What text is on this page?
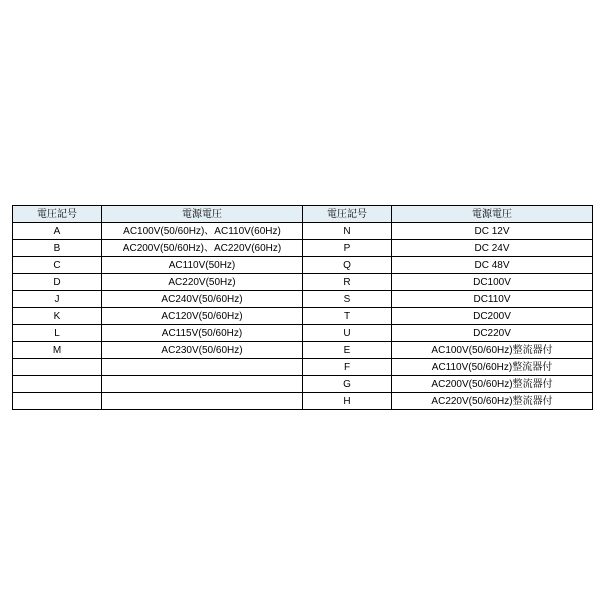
電圧記号	電源電圧	電圧記号	電源電圧
A	AC100V(50/60Hz)、AC110V(60Hz)	N	DC 12V
B	AC200V(50/60Hz)、AC220V(60Hz)	P	DC 24V
C	AC110V(50Hz)	Q	DC 48V
D	AC220V(50Hz)	R	DC100V
J	AC240V(50/60Hz)	S	DC110V
K	AC120V(50/60Hz)	T	DC200V
L	AC115V(50/60Hz)	U	DC220V
M	AC230V(50/60Hz)	E	AC100V(50/60Hz)整流器付
		F	AC110V(50/60Hz)整流器付
		G	AC200V(50/60Hz)整流器付
		H	AC220V(50/60Hz)整流器付
